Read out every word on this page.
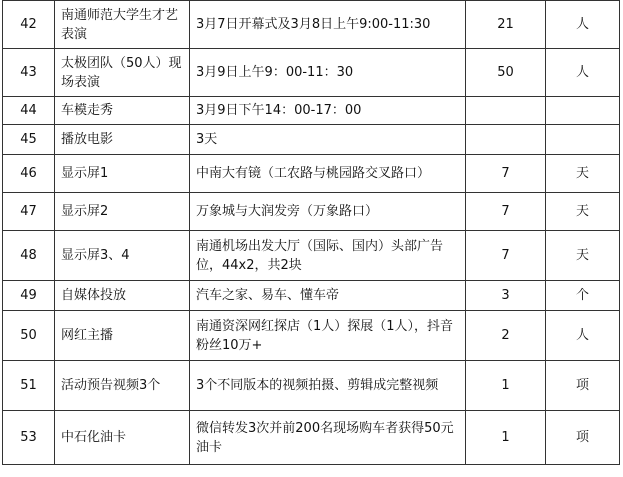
42	南通师范大学生才艺表演	3月7日开幕式及3月8日上午9:00-11:30	21	人
43	太极团队（50人）现场表演	3月9日上午9：00-11：30	50	人
44	车模走秀	3月9日下午14：00-17：00		
45	播放电影	3天		
46	显示屏1	中南大有镜（工农路与桃园路交叉路口）	7	天
47	显示屏2	万象城与大润发旁（万象路口）	7	天
48	显示屏3、4	南通机场出发大厅（国际、国内）头部广告位，44x2，共2块	7	天
49	自媒体投放	汽车之家、易车、懂车帝	3	个
50	网红主播	南通资深网红探店（1人）探展（1人），抖音粉丝10万+	2	人
51	活动预告视频3个	3个不同版本的视频拍摄、剪辑成完整视频	1	项
53	中石化油卡	微信转发3次并前200名现场购车者获得50元油卡	1	项
